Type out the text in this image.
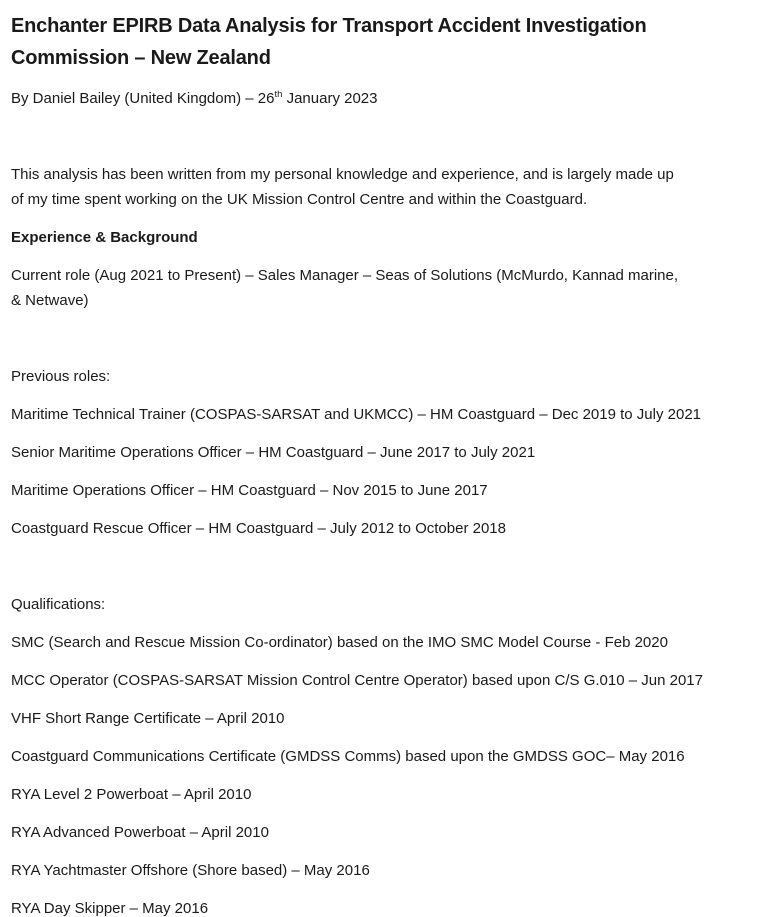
Enchanter EPIRB Data Analysis for Transport Accident Investigation
Commission – New Zealand
By Daniel Bailey (United Kingdom) – 26th January 2023
This analysis has been written from my personal knowledge and experience, and is largely made up
of my time spent working on the UK Mission Control Centre and within the Coastguard.
Experience & Background
Current role (Aug 2021 to Present) – Sales Manager – Seas of Solutions (McMurdo, Kannad marine,
& Netwave)
Previous roles:
Maritime Technical Trainer (COSPAS-SARSAT and UKMCC) – HM Coastguard – Dec 2019 to July 2021
Senior Maritime Operations Officer – HM Coastguard – June 2017 to July 2021
Maritime Operations Officer – HM Coastguard – Nov 2015 to June 2017
Coastguard Rescue Officer – HM Coastguard – July 2012 to October 2018
Qualifications:
SMC (Search and Rescue Mission Co-ordinator) based on the IMO SMC Model Course - Feb 2020
MCC Operator (COSPAS-SARSAT Mission Control Centre Operator) based upon C/S G.010 – Jun 2017
VHF Short Range Certificate – April 2010
Coastguard Communications Certificate (GMDSS Comms) based upon the GMDSS GOC– May 2016
RYA Level 2 Powerboat – April 2010
RYA Advanced Powerboat – April 2010
RYA Yachtmaster Offshore (Shore based) – May 2016
RYA Day Skipper – May 2016
